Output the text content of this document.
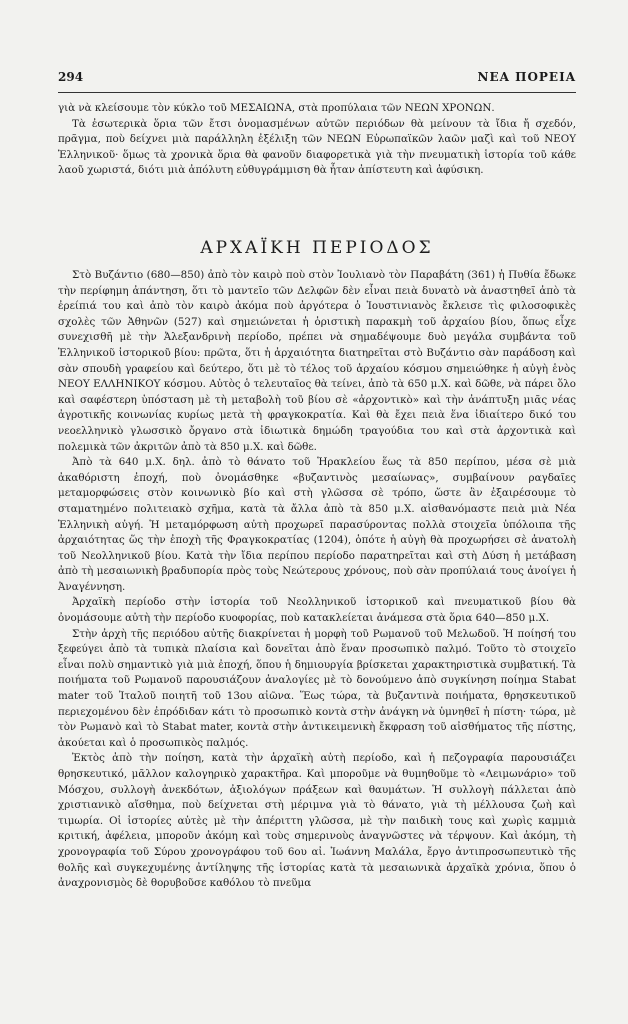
294	ΝΕΑ ΠΟΡΕΙΑ

γιὰ νὰ κλείσουμε τὸν κύκλο τοῦ ΜΕΣΑΙΩΝΑ, στὰ προπύλαια τῶν ΝΕΩΝ ΧΡΟΝΩΝ.

Τὰ ἐσωτερικὰ ὅρια τῶν ἔτσι ὀνομασμένων αὐτῶν περιόδων θὰ μείνουν τὰ ἴδια ἤ σχεδόν, πρᾶγμα, ποὺ δείχνει μιὰ παράλληλη ἐξέλιξη τῶν ΝΕΩΝ Εὐρωπαϊκῶν λαῶν μαζὶ καὶ τοῦ ΝΕΟΥ Ἑλληνικοῦ· ὅμως τὰ χρονικὰ ὅρια θὰ φανοῦν διαφορετικὰ γιὰ τὴν πνευματικὴ ἱστορία τοῦ κάθε λαοῦ χωριστά, διότι μιὰ ἀπόλυτη εὐθυγράμμιση θὰ ἦταν ἀπίστευτη καὶ ἀφύσικη.

ΑΡΧΑΪΚΗ ΠΕΡΙΟΔΟΣ

Στὸ Βυζάντιο (680—850) ἀπὸ τὸν καιρὸ ποὺ στὸν Ἰουλιανὸ τὸν Παραβάτη (361) ἡ Πυθία ἔδωκε τὴν περίφημη ἀπάντηση, ὅτι τὸ μαντεῖο τῶν Δελφῶν δὲν εἶναι πειὰ δυνατὸ νὰ ἀναστηθεῖ ἀπὸ τὰ ἐρείπιά του καὶ ἀπὸ τὸν καιρὸ ἀκόμα ποὺ ἀργότερα ὁ Ἰουστινιανὸς ἔκλεισε τὶς φιλοσοφικὲς σχολὲς τῶν Ἀθηνῶν (527) καὶ σημειώνεται ἡ ὁριστικὴ παρακμὴ τοῦ ἀρχαίου βίου, ὅπως εἶχε συνεχισθῆ μὲ τὴν Ἀλεξανδρινὴ περίοδο, πρέπει νὰ σημαδέψουμε δυὸ μεγάλα συμβάντα τοῦ Ἑλληνικοῦ ἱστορικοῦ βίου: πρῶτα, ὅτι ἡ ἀρχαιότητα διατηρεῖται στὸ Βυζάντιο σὰν παράδοση καὶ σὰν σπουδὴ γραφείου καὶ δεύτερο, ὅτι μὲ τὸ τέλος τοῦ ἀρχαίου κόσμου σημειώθηκε ἡ αὐγὴ ἑνὸς ΝΕΟΥ ΕΛΛΗΝΙΚΟΥ κόσμου. Αὐτὸς ὁ τελευταῖος θὰ τείνει, ἀπὸ τὰ 650 μ.Χ. καὶ δῶθε, νὰ πάρει ὅλο καὶ σαφέστερη ὑπόσταση μὲ τὴ μεταβολὴ τοῦ βίου σὲ «ἀρχοντικὸ» καὶ τὴν ἀνάπτυξη μιᾶς νέας ἀγροτικῆς κοινωνίας κυρίως μετὰ τὴ φραγκοκρατία. Καὶ θὰ ἔχει πειὰ ἕνα ἰδιαίτερο δικό του νεοελληνικὸ γλωσσικὸ ὄργανο στὰ ἰδιωτικὰ δημώδη τραγούδια του καὶ στὰ ἀρχοντικὰ καὶ πολεμικὰ τῶν ἀκριτῶν ἀπὸ τὰ 850 μ.Χ. καὶ δῶθε.

Ἀπὸ τὰ 640 μ.Χ. δηλ. ἀπὸ τὸ θάνατο τοῦ Ἡρακλείου ἕως τὰ 850 περίπου, μέσα σὲ μιὰ ἀκαθόριστη ἐποχή, ποὺ ὀνομάσθηκε «βυζαντινὸς μεσαίωνας», συμβαίνουν ραγδαῖες μεταμορφώσεις στὸν κοινωνικὸ βίο καὶ στὴ γλῶσσα σὲ τρόπο, ὥστε ἂν ἐξαιρέσουμε τὸ σταματημένο πολιτειακὸ σχῆμα, κατὰ τὰ ἄλλα ἀπὸ τὰ 850 μ.Χ. αἰσθανόμαστε πειὰ μιὰ Νέα Ἑλληνικὴ αὐγή. Ἡ μεταμόρφωση αὐτὴ προχωρεῖ παρασύροντας πολλὰ στοιχεῖα ὑπόλοιπα τῆς ἀρχαιότητας ὥς τὴν ἐποχὴ τῆς Φραγκοκρατίας (1204), ὁπότε ἡ αὐγὴ θὰ προχωρήσει σὲ ἀνατολὴ τοῦ Νεολληνικοῦ βίου. Κατὰ τὴν ἴδια περίπου περίοδο παρατηρεῖται καὶ στὴ Δύση ἡ μετάβαση ἀπὸ τὴ μεσαιωνικὴ βραδυπορία πρὸς τοὺς Νεώτερους χρόνους, ποὺ σὰν προπύλαιά τους ἀνοίγει ἡ Ἀναγέννηση.

Ἀρχαϊκὴ περίοδο στὴν ἱστορία τοῦ Νεολληνικοῦ ἱστορικοῦ καὶ πνευματικοῦ βίου θὰ ὀνομάσουμε αὐτὴ τὴν περίοδο κυοφορίας, ποὺ κατακλείεται ἀνάμεσα στὰ ὅρια 640—850 μ.Χ.

Στὴν ἀρχὴ τῆς περιόδου αὐτῆς διακρίνεται ἡ μορφὴ τοῦ Ρωμανοῦ τοῦ Μελωδοῦ. Ἡ ποίησή του ξεφεύγει ἀπὸ τὰ τυπικὰ πλαίσια καὶ δονεῖται ἀπὸ ἕναν προσωπικὸ παλμό. Τοῦτο τὸ στοιχεῖο εἶναι πολὺ σημαντικὸ γιὰ μιὰ ἐποχή, ὅπου ἡ δημιουργία βρίσκεται χαρακτηριστικὰ συμβατική. Τὰ ποιήματα τοῦ Ρωμανοῦ παρουσιάζουν ἀναλογίες μὲ τὸ δονούμενο ἀπὸ συγκίνηση ποίημα Stabat mater τοῦ Ἰταλοῦ ποιητῆ τοῦ 13ου αἰῶνα. Ἕως τώρα, τὰ βυζαντινὰ ποιήματα, θρησκευτικοῦ περιεχομένου δὲν ἐπρόδιδαν κάτι τὸ προσωπικὸ κοντὰ στὴν ἀνάγκη νὰ ὑμνηθεῖ ἡ πίστη· τώρα, μὲ τὸν Ρωμανὸ καὶ τὸ Stabat mater, κοντὰ στὴν ἀντικειμενικὴ ἔκφραση τοῦ αἰσθήματος τῆς πίστης, ἀκούεται καὶ ὁ προσωπικὸς παλμός.

Ἐκτὸς ἀπὸ τὴν ποίηση, κατὰ τὴν ἀρχαϊκὴ αὐτὴ περίοδο, καὶ ἡ πεζογραφία παρουσιάζει θρησκευτικό, μᾶλλον καλογηρικὸ χαρακτῆρα. Καὶ μποροῦμε νὰ θυμηθοῦμε τὸ «Λειμωνάριο» τοῦ Μόσχου, συλλογὴ ἀνεκδότων, ἀξιολόγων πράξεων καὶ θαυμάτων. Ἡ συλλογὴ πάλλεται ἀπὸ χριστιανικὸ αἴσθημα, ποὺ δείχνεται στὴ μέριμνα γιὰ τὸ θάνατο, γιὰ τὴ μέλλουσα ζωὴ καὶ τιμωρία. Οἱ ἱστορίες αὐτὲς μὲ τὴν ἀπέριττη γλῶσσα, μὲ τὴν παιδικὴ τους καὶ χωρὶς καμμιὰ κριτική, ἀφέλεια, μποροῦν ἀκόμη καὶ τοὺς σημερινοὺς ἀναγνῶστες νὰ τέρψουν. Καὶ ἀκόμη, τὴ χρονογραφία τοῦ Σύρου χρονογράφου τοῦ 6ου αἰ. Ἰωάννη Μαλάλα, ἔργο ἀντιπροσωπευτικὸ τῆς θολῆς καὶ συγκεχυμένης ἀντίληψης τῆς ἱστορίας κατὰ τὰ μεσαιωνικὰ ἀρχαϊκὰ χρόνια, ὅπου ὁ ἀναχρονισμὸς δὲ θορυβοῦσε καθόλου τὸ πνεῦμα
